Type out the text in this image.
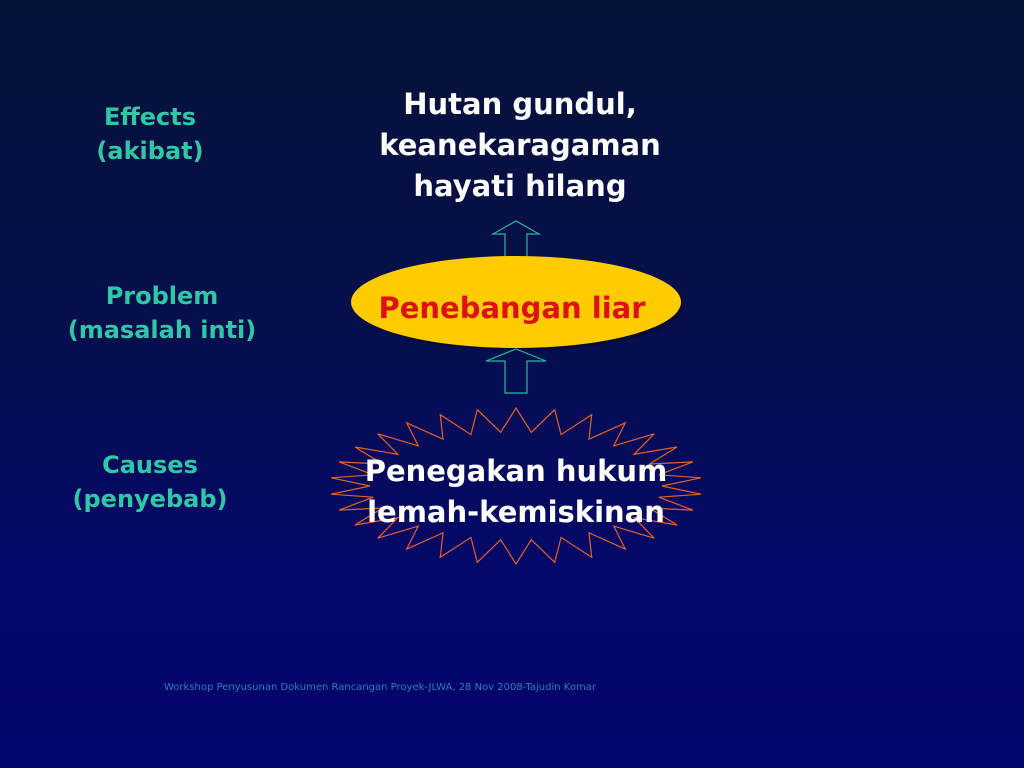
Effects
(akibat)
Problem
(masalah inti)
Causes
(penyebab)
Hutan gundul,
keanekaragaman
hayati hilang
Penebangan liar
Penegakan hukum
lemah-kemiskinan
Workshop Penyusunan Dokumen Rancangan Proyek-JLWA, 28 Nov 2008-Tajudin Komar
